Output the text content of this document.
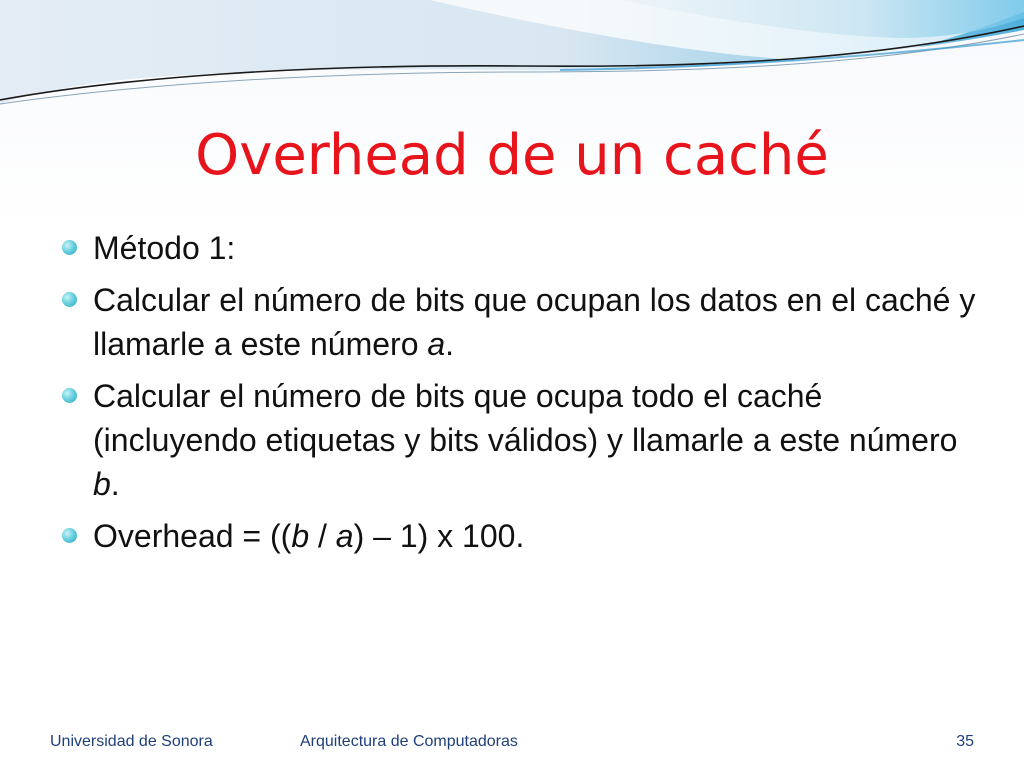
Overhead de un caché
Método 1:
Calcular el número de bits que ocupan los datos en el caché y llamarle a este número a.
Calcular el número de bits que ocupa todo el caché (incluyendo etiquetas y bits válidos) y llamarle a este número b.
Overhead = ((b / a) – 1) x 100.
Universidad de Sonora	Arquitectura de Computadoras	35
